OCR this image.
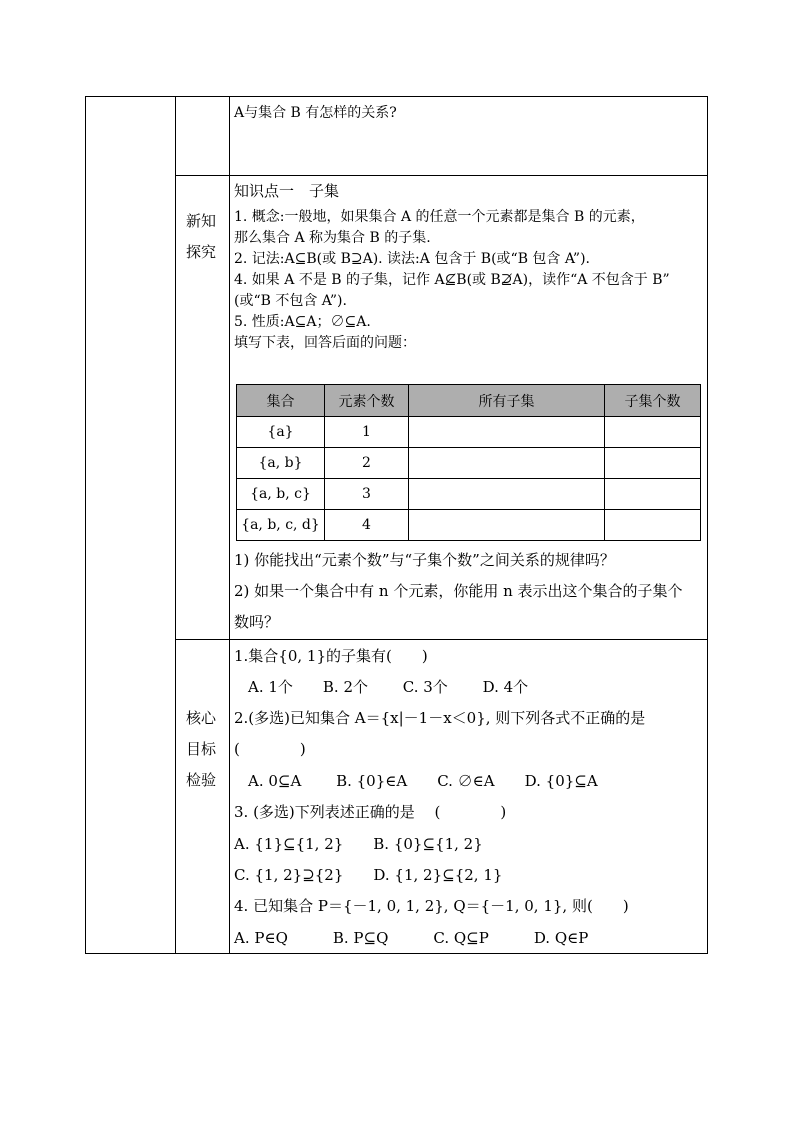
A与集合 B 有怎样的关系?
新知
探究
知识点一　子集
1. 概念:一般地，如果集合 A 的任意一个元素都是集合 B 的元素，
那么集合 A 称为集合 B 的子集.
2. 记法:A⊆B(或 B⊇A). 读法:A 包含于 B(或“B 包含 A”).
4. 如果 A 不是 B 的子集，记作 A⊈B(或 B⊉A)，读作“A 不包含于 B”
(或“B 不包含 A”).
5. 性质:A⊆A；∅⊆A.
填写下表，回答后面的问题：
集合	元素个数	所有子集	子集个数
{a}	1		
{a, b}	2		
{a, b, c}	3		
{a, b, c, d}	4		
1) 你能找出“元素个数”与“子集个数”之间关系的规律吗？
2) 如果一个集合中有 n 个元素，你能用 n 表示出这个集合的子集个
数吗？
核心
目标
检验
1.集合{0, 1}的子集有(　　)
A. 1个　　B. 2个　　 C. 3个　　 D. 4个
2.(多选)已知集合 A＝{x|－1－x＜0}, 则下列各式不正确的是
(　　　　)
A. 0⊆A　　 B. {0}∈A　　C. ∅∈A　　D. {0}⊆A
3. (多选)下列表述正确的是　 (　　　　)
A. {1}⊆{1, 2}　　B. {0}⊆{1, 2}
C. {1, 2}⊇{2}　　D. {1, 2}⊆{2, 1}
4. 已知集合 P＝{－1, 0, 1, 2}, Q＝{－1, 0, 1}, 则(　　)
A. P∈Q　　　B. P⊆Q　　　C. Q⊆P　　　D. Q∈P
